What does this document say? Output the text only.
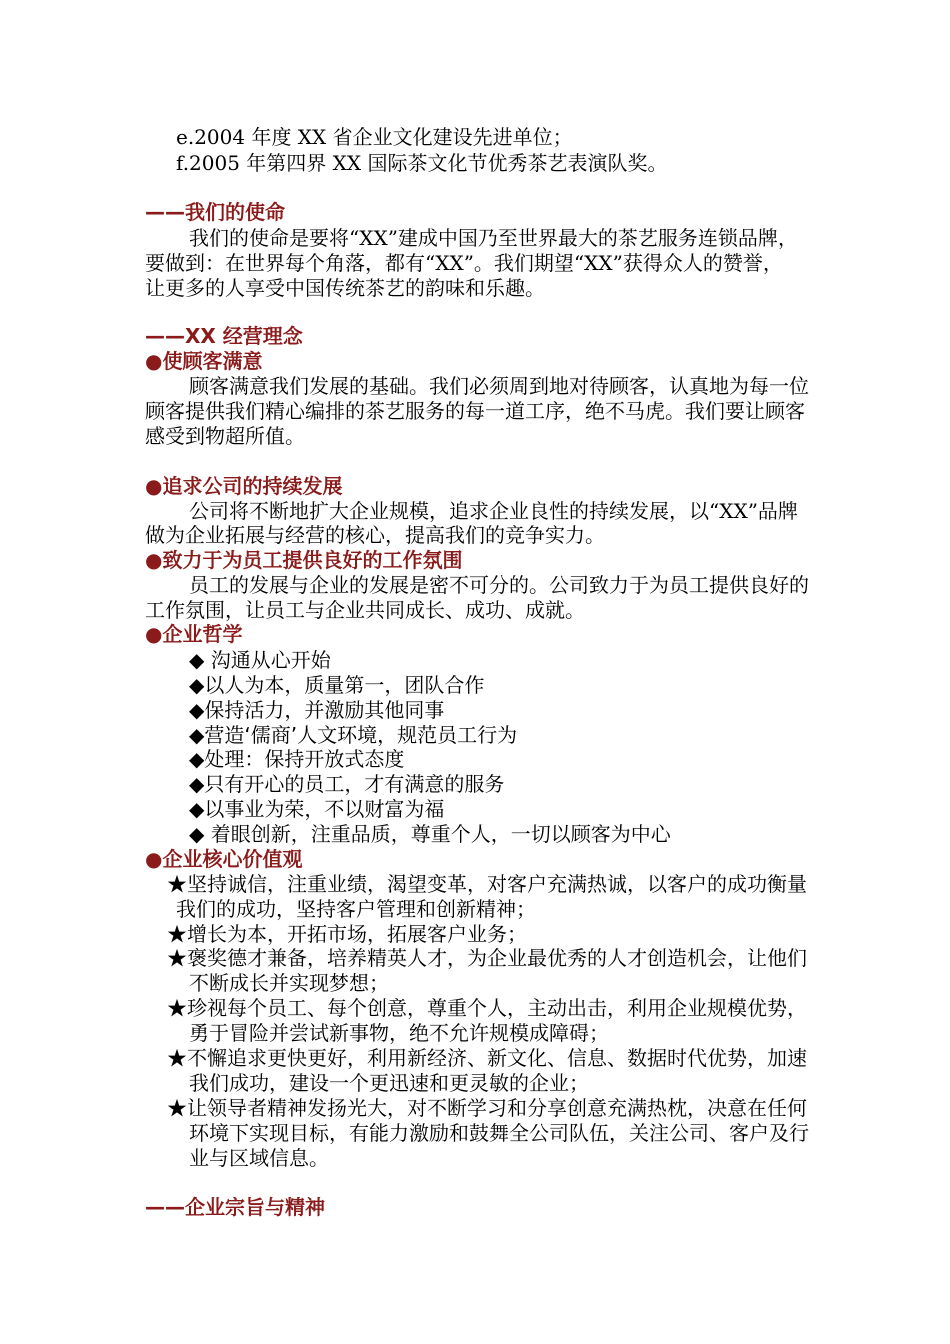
e.2004 年度 XX 省企业文化建设先进单位；
f.2005 年第四界 XX 国际茶文化节优秀茶艺表演队奖。
——我们的使命
我们的使命是要将“XX”建成中国乃至世界最大的茶艺服务连锁品牌，
要做到：在世界每个角落，都有“XX”。我们期望“XX”获得众人的赞誉，
让更多的人享受中国传统茶艺的韵味和乐趣。
——XX 经营理念
●使顾客满意
顾客满意我们发展的基础。我们必须周到地对待顾客，认真地为每一位
顾客提供我们精心编排的茶艺服务的每一道工序，绝不马虎。我们要让顾客
感受到物超所值。
●追求公司的持续发展
公司将不断地扩大企业规模，追求企业良性的持续发展，以“XX”品牌
做为企业拓展与经营的核心，提高我们的竞争实力。
●致力于为员工提供良好的工作氛围
员工的发展与企业的发展是密不可分的。公司致力于为员工提供良好的
工作氛围，让员工与企业共同成长、成功、成就。
●企业哲学
◆ 沟通从心开始
◆以人为本，质量第一，团队合作
◆保持活力，并激励其他同事
◆营造‘儒商’人文环境，规范员工行为
◆处理：保持开放式态度
◆只有开心的员工，才有满意的服务
◆以事业为荣，不以财富为福
◆ 着眼创新，注重品质，尊重个人，一切以顾客为中心
●企业核心价值观
★坚持诚信，注重业绩，渴望变革，对客户充满热诚，以客户的成功衡量
我们的成功，坚持客户管理和创新精神；
★增长为本，开拓市场，拓展客户业务；
★褒奖德才兼备，培养精英人才，为企业最优秀的人才创造机会，让他们
不断成长并实现梦想；
★珍视每个员工、每个创意，尊重个人，主动出击，利用企业规模优势，
勇于冒险并尝试新事物，绝不允许规模成障碍；
★不懈追求更快更好，利用新经济、新文化、信息、数据时代优势，加速
我们成功，建设一个更迅速和更灵敏的企业；
★让领导者精神发扬光大，对不断学习和分享创意充满热枕，决意在任何
环境下实现目标，有能力激励和鼓舞全公司队伍，关注公司、客户及行
业与区域信息。
——企业宗旨与精神
